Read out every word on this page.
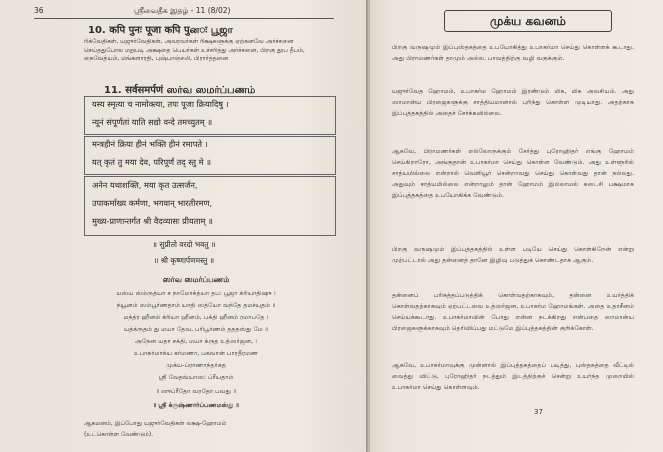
36	ஸ்ரீவைதீக இதழ் - 11 (8/02)
10. कपि पुनः पूजा कपि पुனः பூஜா
ரிக்வேதிகள், யஜுர்வேதிகள், அவரவர்கள் ரிக்ஷகளுக்கு ஏற்கனவே அர்ச்சனை செய்ததுபோல மறுபடி அக்ஷதை பெயர்கள் உச்சரித்து அர்ச்சனை, பிறகு தூப தீபம், நைவேத்யம், மங்களாரதி, புஷ்பாஞ்சலி, பிரார்த்தனை
11. सर्वसमर्पणं ஸர்வ ஸமர்ப்பணம்
यस्य स्मृत्या च नामोक्त्या, तपः पूजा क्रियादिषु ।
न्यूनं संपूर्णतां याति सद्यो वन्दे तमच्युतम् ॥
मन्त्रहीनं क्रिया हीनं भक्ति हीनं रमापते ।
यत् कृतं तु मया देव, परिपूर्णं तद् स्तु मे ॥
अनेन यथाशक्ति, मया कृत उत्सर्जन,
उपाकर्माख्य कर्मणा, भगवान् भारतीरमण,
मुख्य-प्राणान्तर्गत श्री वैदव्यासः प्रीयताम् ॥
॥ सुप्रीतो वरदो भवतु ॥
॥ श्री कृष्णार्पणमस्तु ॥
ஸர்வ ஸமர்ப்பணம்
யஸ்ய ஸ்ம்ருத்யா ச நாமோக்த்யா தப: பூஜா க்ரியாதிஷு ।
ந்யூனம் ஸம்பூர்ணதாம் யாதி ஸத்யோ வந்தே தமச்யுதம் ॥
மந்த்ர ஹீனம் க்ரியா ஹீனம், பக்தி ஹீனம் ரமாபதே ।
யத்க்ருதம் து மயா தேவ, பரிபூர்ணம் தததஸ்து மே ॥
அநேன யதா சக்தி, மயா க்ருத உத்ஸர்ஜன, ।
உபாகர்மாக்ய கர்மணா, பகவான் பாரதீரமண
முக்ய-ப்ராணாந்தர்கத
ஸ்ரீ வேதவ்யாஸ: ப்ரீயதாம்
॥ ஸுப்ரீதோ வரதோ பவது ॥
॥ ஸ்ரீ க்ருஷ்ணார்ப்பணமஸ்து ॥
ஆகமனம், இப்போது யஜுர்வேதிகள் லக்ஷ-ஹோமம்
(உட்கொள்ள வேண்டும்).
முக்ய கவனம்
பிறகு வருஷமும் இப்புஸ்தகத்தை உபயோகித்து உபாகர்மா செய்து கொள்ளக் கூடாது. அது பிராமணர்கள் தாமும் அல்ல. பாவத்திற்கு வழி வகுக்கும்.
யஜுர்வேத ஹோமம், உபாகர்ம ஹோமம் இரண்டும் மிக, மிக அவசியம். அது ஸாமான்ய பிரஜைகளுக்கு சாத்தியமானால் புரிந்து கொள்ள முடியாது. அதற்காக இப்புத்தகத்தில் அதைச் சேர்க்கவில்லை.
ஆகவே, பிராமணர்கள் எல்லோருக்கும் சேர்த்து புரோஹிதர் எங்கு ஹோமம் செய்கிறாரோ, அங்குதான் உபாகர்மா செய்து கொள்ள வேண்டும். அது உள்ளூரில் சாத்யமில்லை என்றால் வெளியூர் சென்றாவது செய்து கொள்வது தான் நல்லது. அதுவும் சாத்யமில்லை என்றாலும் தான் ஹோமம் இல்லாமல் கடைசி பக்ஷமாக இப்புத்தகத்தை உபயோகிக்க வேண்டும்.
பிறகு வருஷமும் இப்புத்தகத்தில் உள்ள படியே செய்து கொள்கிறேன் என்று முற்பட்டால் அது தன்னைத் தானே இழிவு படுத்துக் கொண்டதாக ஆகும்.
தன்னைப் பரிசுத்தப்படுத்திக் கொள்வதற்காகவும், தன்னை உயர்த்திக் கொள்வதற்காகவும் ஏற்பட்டவை உத்ஸர்ஜன, உபாகர்ம ஹோமங்கள். அதை உதாசீனம் செய்யக்கூடாது. உபாகர்மாவின் போது என்ன நடக்கிறது என்பதை ஸாமான்ய பிரஜைகளுக்காகவும் தெரிவிப்பது மட்டுமே இப்புத்தகத்தின் குறிக்கோள்.
ஆகவே, உபாகர்மாவுக்கு முன்னால் இப்புத்தகத்தைப் படித்து, புஸ்தகத்தை வீட்டில் வைத்து விட்டு, புரோஹிதர் நடத்தும் இடத்திற்குச் சென்று உயர்ந்த முறையில் உபாகர்மா செய்து கொள்ளவும்.
37
